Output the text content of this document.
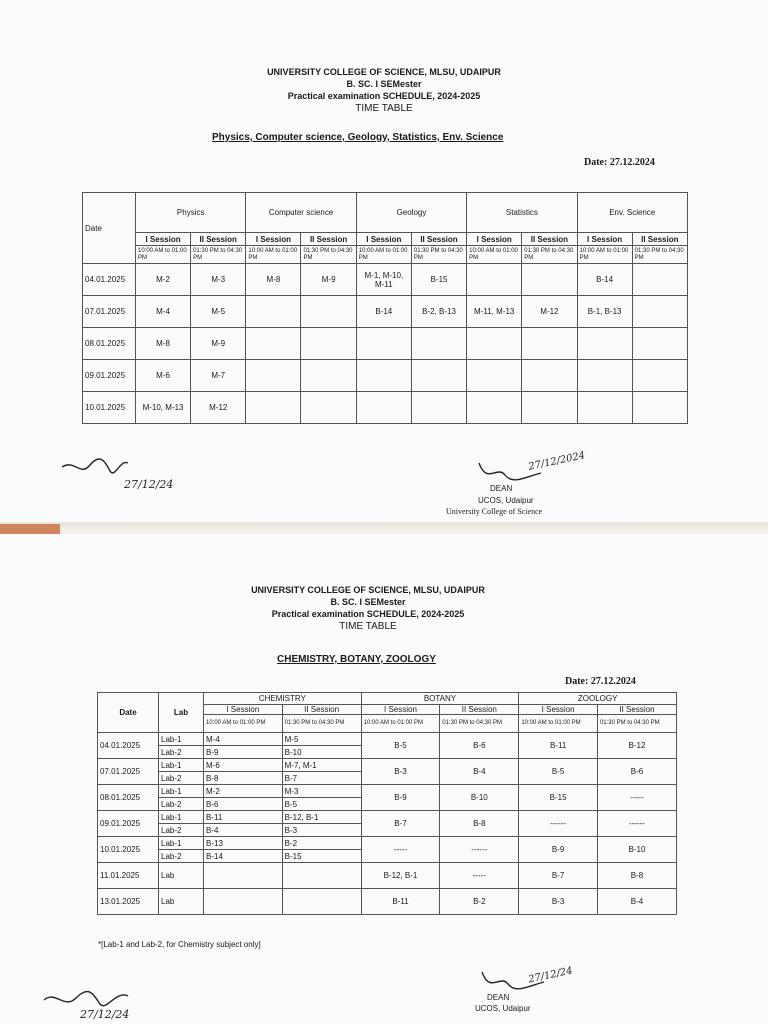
UNIVERSITY COLLEGE OF SCIENCE, MLSU, UDAIPUR
B. SC. I SEMester
Practical examination SCHEDULE, 2024-2025
TIME TABLE
Physics, Computer science, Geology, Statistics, Env. Science
Date: 27.12.2024
Date	Physics		Computer science		Geology		Statistics		Env. Science	
	I Session	II Session	I Session	II Session	I Session	II Session	I Session	II Session	I Session	II Session
	10:00 AM to 01:00 PM	01:30 PM to 04:30 PM	10:00 AM to 01:00 PM	01:30 PM to 04:30 PM	10:00 AM to 01:00 PM	01:30 PM to 04:30 PM	10:00 AM to 01:00 PM	01:30 PM to 04:30 PM	10:00 AM to 01:00 PM	01:30 PM to 04:30 PM
04.01.2025	M-2	M-3	M-8	M-9	M-1, M-10, M-11	B-15			B-14	
07.01.2025	M-4	M-5			B-14	B-2, B-13	M-11, M-13	M-12	B-1, B-13	
08.01.2025	M-8	M-9								
09.01.2025	M-6	M-7								
10.01.2025	M-10, M-13	M-12								
27/12/24
27/12/2024
DEAN
UCOS, Udaipur
University College of Science
UNIVERSITY COLLEGE OF SCIENCE, MLSU, UDAIPUR
B. SC. I SEMester
Practical examination SCHEDULE, 2024-2025
TIME TABLE
CHEMISTRY, BOTANY, ZOOLOGY
Date: 27.12.2024
Date	Lab	CHEMISTRY		BOTANY		ZOOLOGY	
		I Session	II Session	I Session	II Session	I Session	II Session
		10:00 AM to 01:00 PM	01:30 PM to 04:30 PM	10:00 AM to 01:00 PM	01:30 PM to 04:30 PM	10:00 AM to 01:00 PM	01:30 PM to 04:30 PM
04.01.2025	Lab-1	M-4	M-5	B-5	B-6	B-11	B-12
	Lab-2	B-9	B-10				
07.01.2025	Lab-1	M-6	M-7, M-1	B-3	B-4	B-5	B-6
	Lab-2	B-8	B-7				
08.01.2025	Lab-1	M-2	M-3	B-9	B-10	B-15	-----
	Lab-2	B-6	B-5				
09.01.2025	Lab-1	B-11	B-12, B-1	B-7	B-8	------	------
	Lab-2	B-4	B-3				
10.01.2025	Lab-1	B-13	B-2	-----	------	B-9	B-10
	Lab-2	B-14	B-15				
11.01.2025	Lab			B-12, B-1	-----	B-7	B-8
13.01.2025	Lab			B-11	B-2	B-3	B-4
*[Lab-1 and Lab-2, for Chemistry subject only]
27/12/24
27/12/24
DEAN
UCOS, Udaipur
